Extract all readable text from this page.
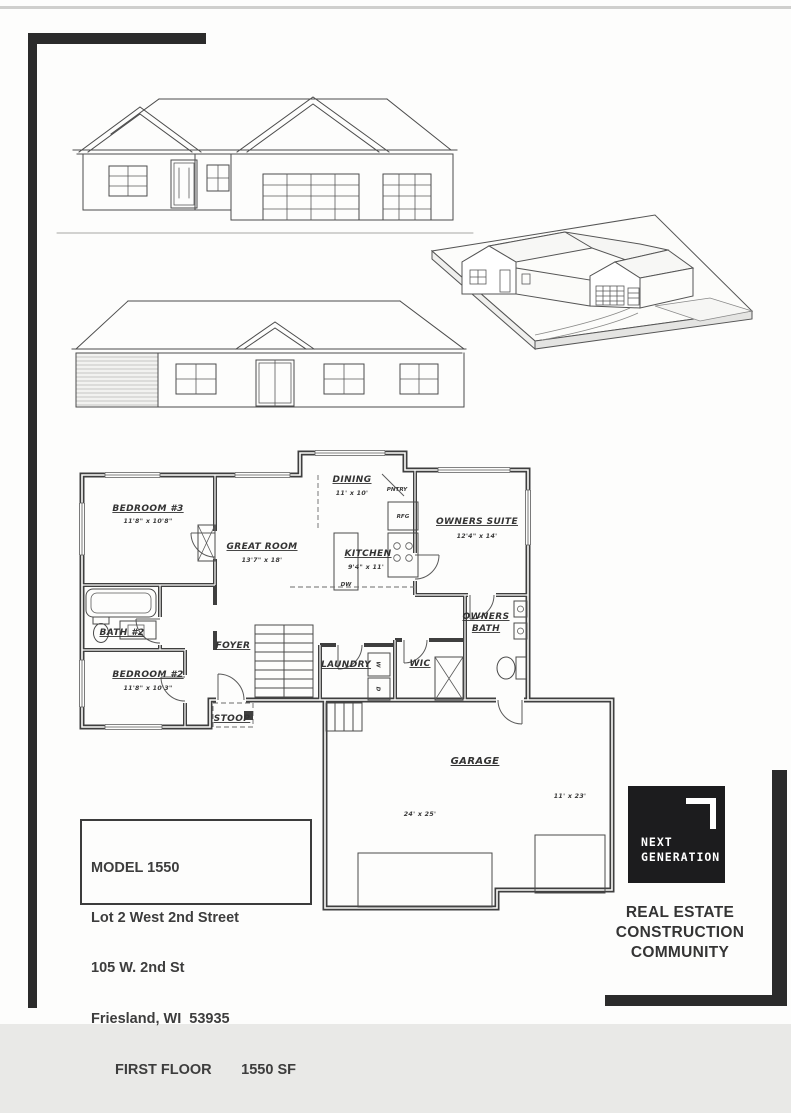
BEDROOM #3
11'8" x 10'8"
GREAT ROOM
13'7" x 18'
DINING
11' x 10'	PNTRY
RFG
KITCHEN
9'4" x 11'
DW
OWNERS SUITE
12'4" x 14'
BATH #2
BEDROOM #2
11'8" x 10'3"
FOYER
LAUNDRY	WIC
OWNERS
BATH
STOOP
GARAGE
24' x 25'
11' x 23'
W
D

MODEL 1550

Lot 2 West 2nd Street

105 W. 2nd St

Friesland, WI  53935

FIRST FLOOR 1550 SF

NEXT
GENERATION
REAL ESTATE
CONSTRUCTION
COMMUNITY
